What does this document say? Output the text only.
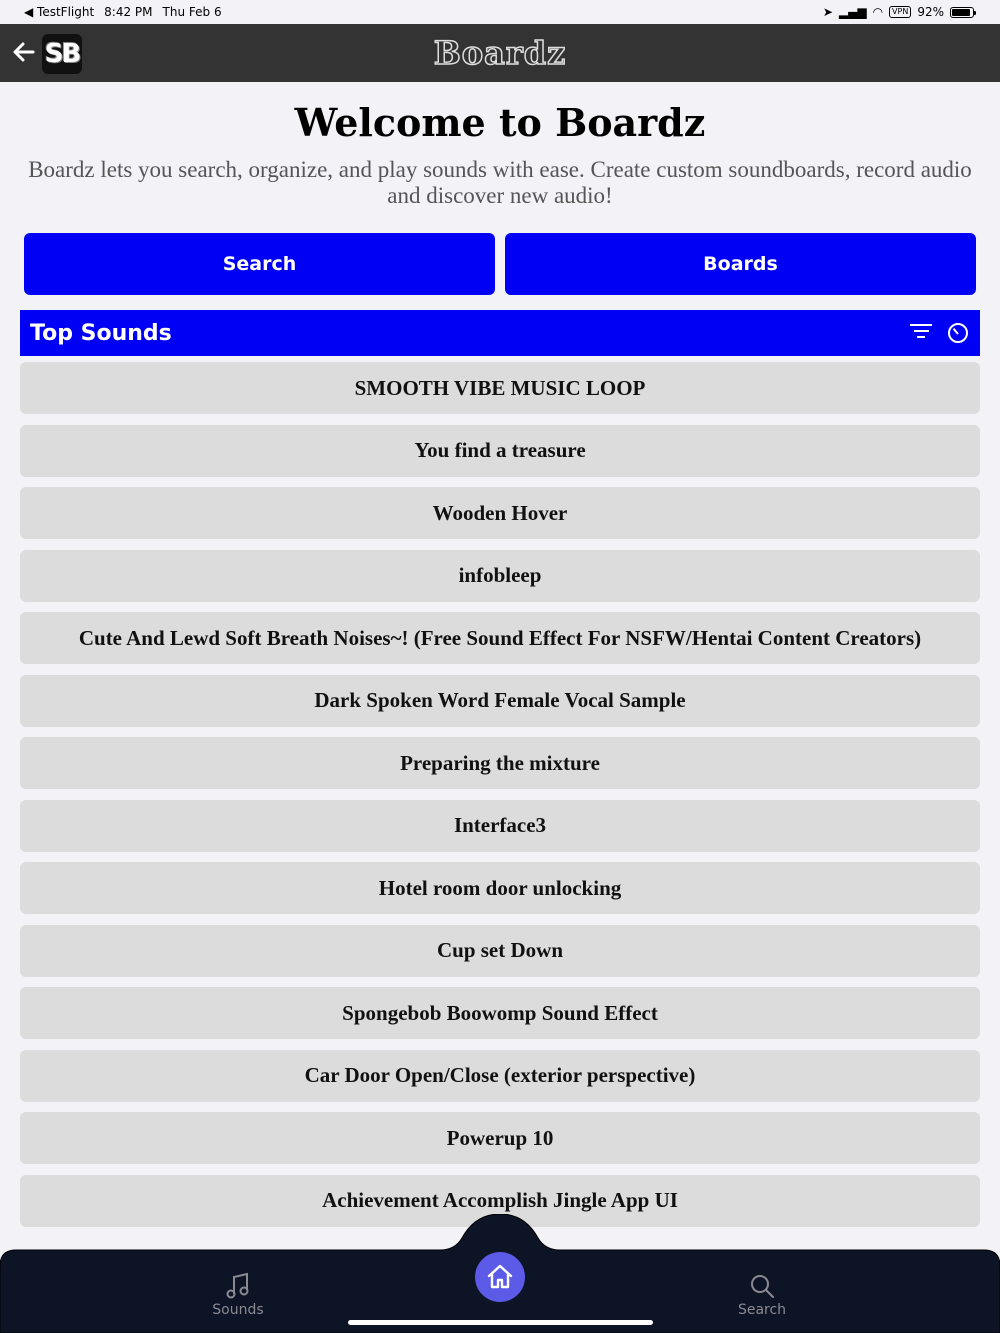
◀ TestFlight 8:42 PM Thu Feb 6	➤ ▂▄▆ ◠	VPN 92%
SB	Boardz
Welcome to Boardz
Boardz lets you search, organize, and play sounds with ease. Create custom soundboards, record audio and discover new audio!
Search	Boards
Top Sounds
SMOOTH VIBE MUSIC LOOP
You find a treasure
Wooden Hover
infobleep
Cute And Lewd Soft Breath Noises~! (Free Sound Effect For NSFW/Hentai Content Creators)
Dark Spoken Word Female Vocal Sample
Preparing the mixture
Interface3
Hotel room door unlocking
Cup set Down
Spongebob Boowomp Sound Effect
Car Door Open/Close (exterior perspective)
Powerup 10
Achievement Accomplish Jingle App UI
Sounds	Search
